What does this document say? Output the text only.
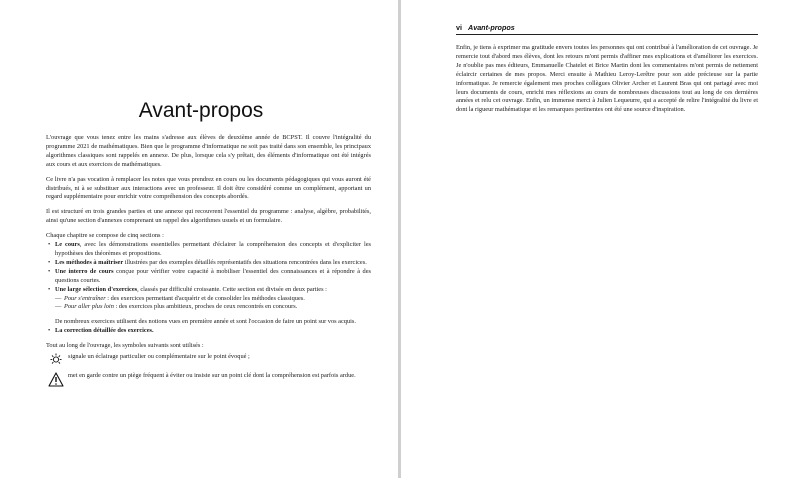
Avant-propos

L'ouvrage que vous tenez entre les mains s'adresse aux élèves de deuxième année de BCPST. Il couvre l'intégralité du programme 2021 de mathématiques. Bien que le programme d'informatique ne soit pas traité dans son ensemble, les principaux algorithmes classiques sont rappelés en annexe. De plus, lorsque cela s'y prêtait, des éléments d'informatique ont été intégrés aux cours et aux exercices de mathématiques.

Ce livre n'a pas vocation à remplacer les notes que vous prendrez en cours ou les documents pédagogiques qui vous auront été distribués, ni à se substituer aux interactions avec un professeur. Il doit être considéré comme un complément, apportant un regard supplémentaire pour enrichir votre compréhension des concepts abordés.

Il est structuré en trois grandes parties et une annexe qui recouvrent l'essentiel du programme : analyse, algèbre, probabilités, ainsi qu'une section d'annexes comprenant un rappel des algorithmes usuels et un formulaire.

Chaque chapitre se compose de cinq sections :

• Le cours, avec les démonstrations essentielles permettant d'éclairer la compréhension des concepts et d'expliciter les hypothèses des théorèmes et propositions.
• Les méthodes à maîtriser illustrées par des exemples détaillés représentatifs des situations rencontrées dans les exercices.
• Une interro de cours conçue pour vérifier votre capacité à mobiliser l'essentiel des connaissances et à répondre à des questions courtes.
• Une large sélection d'exercices, classés par difficulté croissante. Cette section est divisée en deux parties :
— Pour s'entraîner : des exercices permettant d'acquérir et de consolider les méthodes classiques.
— Pour aller plus loin : des exercices plus ambitieux, proches de ceux rencontrés en concours.
De nombreux exercices utilisent des notions vues en première année et sont l'occasion de faire un point sur vos acquis.
• La correction détaillée des exercices.

Tout au long de l'ouvrage, les symboles suivants sont utilisés :

signale un éclairage particulier ou complémentaire sur le point évoqué ;
met en garde contre un piège fréquent à éviter ou insiste sur un point clé dont la compréhension est parfois ardue.
vi Avant-propos

Enfin, je tiens à exprimer ma gratitude envers toutes les personnes qui ont contribué à l'amélioration de cet ouvrage. Je remercie tout d'abord mes élèves, dont les retours m'ont permis d'affiner mes explications et d'améliorer les exercices. Je n'oublie pas mes éditeurs, Emmanuelle Chatelet et Brice Martin dont les commentaires m'ont permis de nettement éclaircir certaines de mes propos. Merci ensuite à Mathieu Leroy-Lerêtre pour son aide précieuse sur la partie informatique. Je remercie également mes proches collègues Olivier Archer et Laurent Bras qui ont partagé avec moi leurs documents de cours, enrichi mes réflexions au cours de nombreuses discussions tout au long de ces dernières années et relu cet ouvrage. Enfin, un immense merci à Julien Lequeurre, qui a accepté de relire l'intégralité du livre et dont la rigueur mathématique et les remarques pertinentes ont été une source d'inspiration.
